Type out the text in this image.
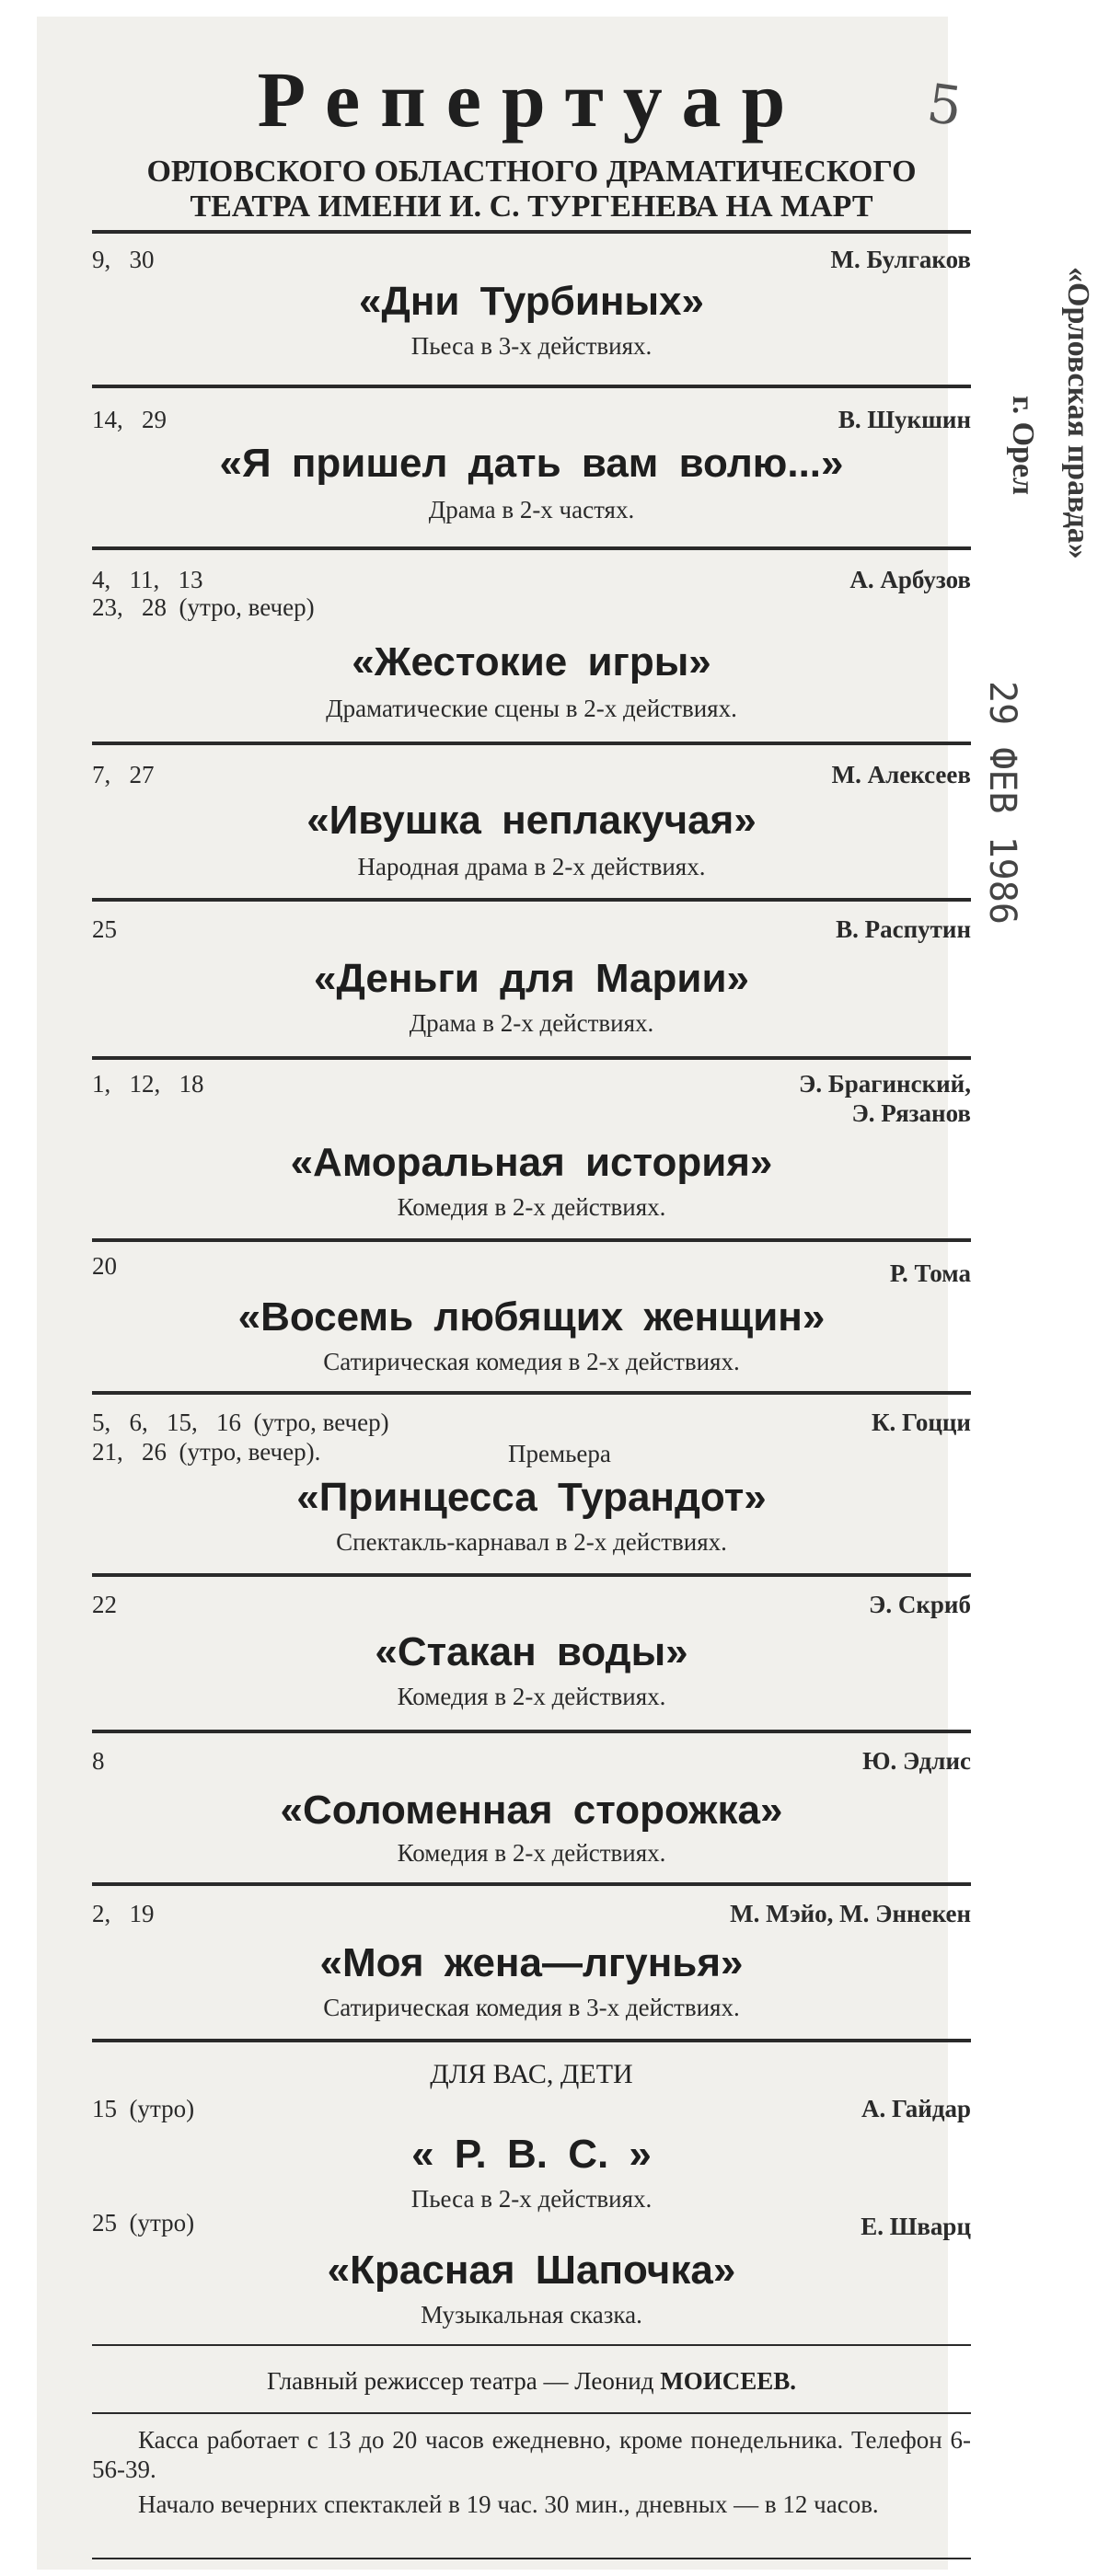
Репертуар
ОРЛОВСКОГО ОБЛАСТНОГО ДРАМАТИЧЕСКОГО
ТЕАТРА ИМЕНИ И. С. ТУРГЕНЕВА НА МАРТ
9,   30	М. Булгаков
«Дни Турбиных»
Пьеса в 3-х действиях.
14,   29	В. Шукшин
«Я пришел дать вам волю...»
Драма в 2-х частях.
4,   11,   13
23,   28  (утро, вечер)
А. Арбузов
«Жестокие игры»
Драматические сцены в 2-х действиях.
7,   27	М. Алексеев
«Ивушка неплакучая»
Народная драма в 2-х действиях.
25	В. Распутин
«Деньги для Марии»
Драма в 2-х действиях.
1,   12,   18	Э. Брагинский,
Э. Рязанов
«Аморальная история»
Комедия в 2-х действиях.
20	Р. Тома
«Восемь любящих женщин»
Сатирическая комедия в 2-х действиях.
5,   6,   15,   16  (утро, вечер)
21,   26  (утро, вечер).	Премьера
К. Гоцци
«Принцесса Турандот»
Спектакль-карнавал в 2-х действиях.
22	Э. Скриб
«Стакан воды»
Комедия в 2-х действиях.
8	Ю. Эдлис
«Соломенная сторожка»
Комедия в 2-х действиях.
2,   19	М. Мэйо, М. Эннекен
«Моя жена—лгунья»
Сатирическая комедия в 3-х действиях.
ДЛЯ ВАС, ДЕТИ
15  (утро)	А. Гайдар
« Р. В. С. »
Пьеса в 2-х действиях.
25  (утро)	Е. Шварц
«Красная Шапочка»
Музыкальная сказка.
Главный режиссер театра — Леонид МОИСЕЕВ.
Касса работает с 13 до 20 часов ежедневно, кроме понедельника. Телефон 6-56-39.
Начало вечерних спектаклей в 19 час. 30 мин., дневных — в 12 часов.
5
«Орловская правда»
г. Орел
29 ФЕВ 1986
